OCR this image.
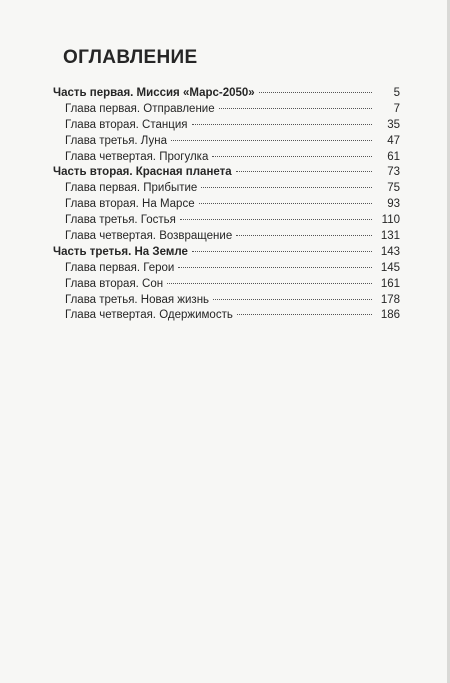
ОГЛАВЛЕНИЕ
Часть первая. Миссия «Марс-2050»	5
Глава первая. Отправление	7
Глава вторая. Станция	35
Глава третья. Луна	47
Глава четвертая. Прогулка	61
Часть вторая. Красная планета	73
Глава первая. Прибытие	75
Глава вторая. На Марсе	93
Глава третья. Гостья	110
Глава четвертая. Возвращение	131
Часть третья. На Земле	143
Глава первая. Герои	145
Глава вторая. Сон	161
Глава третья. Новая жизнь	178
Глава четвертая. Одержимость	186
